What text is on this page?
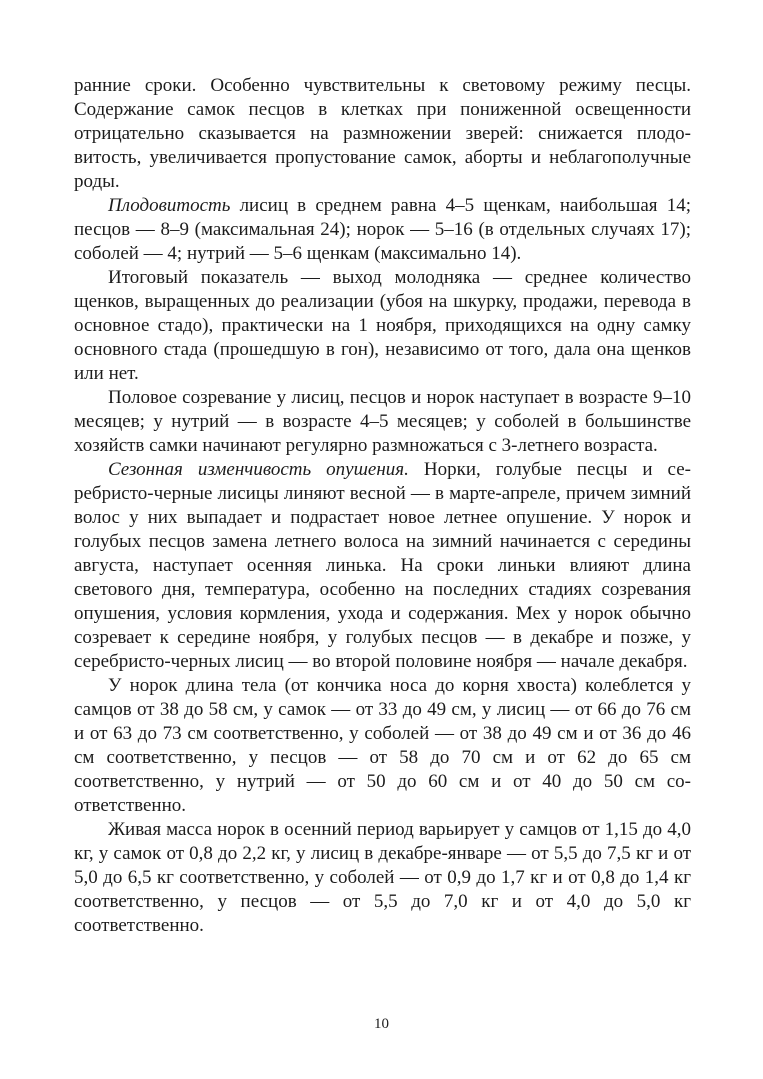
ранние сроки. Особенно чувствительны к световому режиму песцы. Содержание самок песцов в клетках при пониженной освещенности отрицательно сказывается на размножении зверей: снижается плодовитость, увеличивается пропустование самок, аборты и неблагополучные роды.

Плодовитость лисиц в среднем равна 4–5 щенкам, наибольшая 14; песцов — 8–9 (максимальная 24); норок — 5–16 (в отдельных случаях 17); соболей — 4; нутрий — 5–6 щенкам (максимально 14).

Итоговый показатель — выход молодняка — среднее количество щенков, выращенных до реализации (убоя на шкурку, продажи, перевода в основное стадо), практически на 1 ноября, приходящихся на одну самку основного стада (прошедшую в гон), независимо от того, дала она щенков или нет.

Половое созревание у лисиц, песцов и норок наступает в возрасте 9–10 месяцев; у нутрий — в возрасте 4–5 месяцев; у соболей в большинстве хозяйств самки начинают регулярно размножаться с 3-летнего возраста.

Сезонная изменчивость опушения. Норки, голубые песцы и серебристо-черные лисицы линяют весной — в марте-апреле, причем зимний волос у них выпадает и подрастает новое летнее опушение. У норок и голубых песцов замена летнего волоса на зимний начинается с середины августа, наступает осенняя линька. На сроки линьки влияют длина светового дня, температура, особенно на последних стадиях созревания опушения, условия кормления, ухода и содержания. Мех у норок обычно созревает к середине ноября, у голубых песцов — в декабре и позже, у серебристо-черных лисиц — во второй половине ноября — начале декабря.

У норок длина тела (от кончика носа до корня хвоста) колеблется у самцов от 38 до 58 см, у самок — от 33 до 49 см, у лисиц — от 66 до 76 см и от 63 до 73 см соответственно, у соболей — от 38 до 49 см и от 36 до 46 см соответственно, у песцов — от 58 до 70 см и от 62 до 65 см соответственно, у нутрий — от 50 до 60 см и от 40 до 50 см соответственно.

Живая масса норок в осенний период варьирует у самцов от 1,15 до 4,0 кг, у самок от 0,8 до 2,2 кг, у лисиц в декабре-январе — от 5,5 до 7,5 кг и от 5,0 до 6,5 кг соответственно, у соболей — от 0,9 до 1,7 кг и от 0,8 до 1,4 кг соответственно, у песцов — от 5,5 до 7,0 кг и от 4,0 до 5,0 кг соответственно.

10
